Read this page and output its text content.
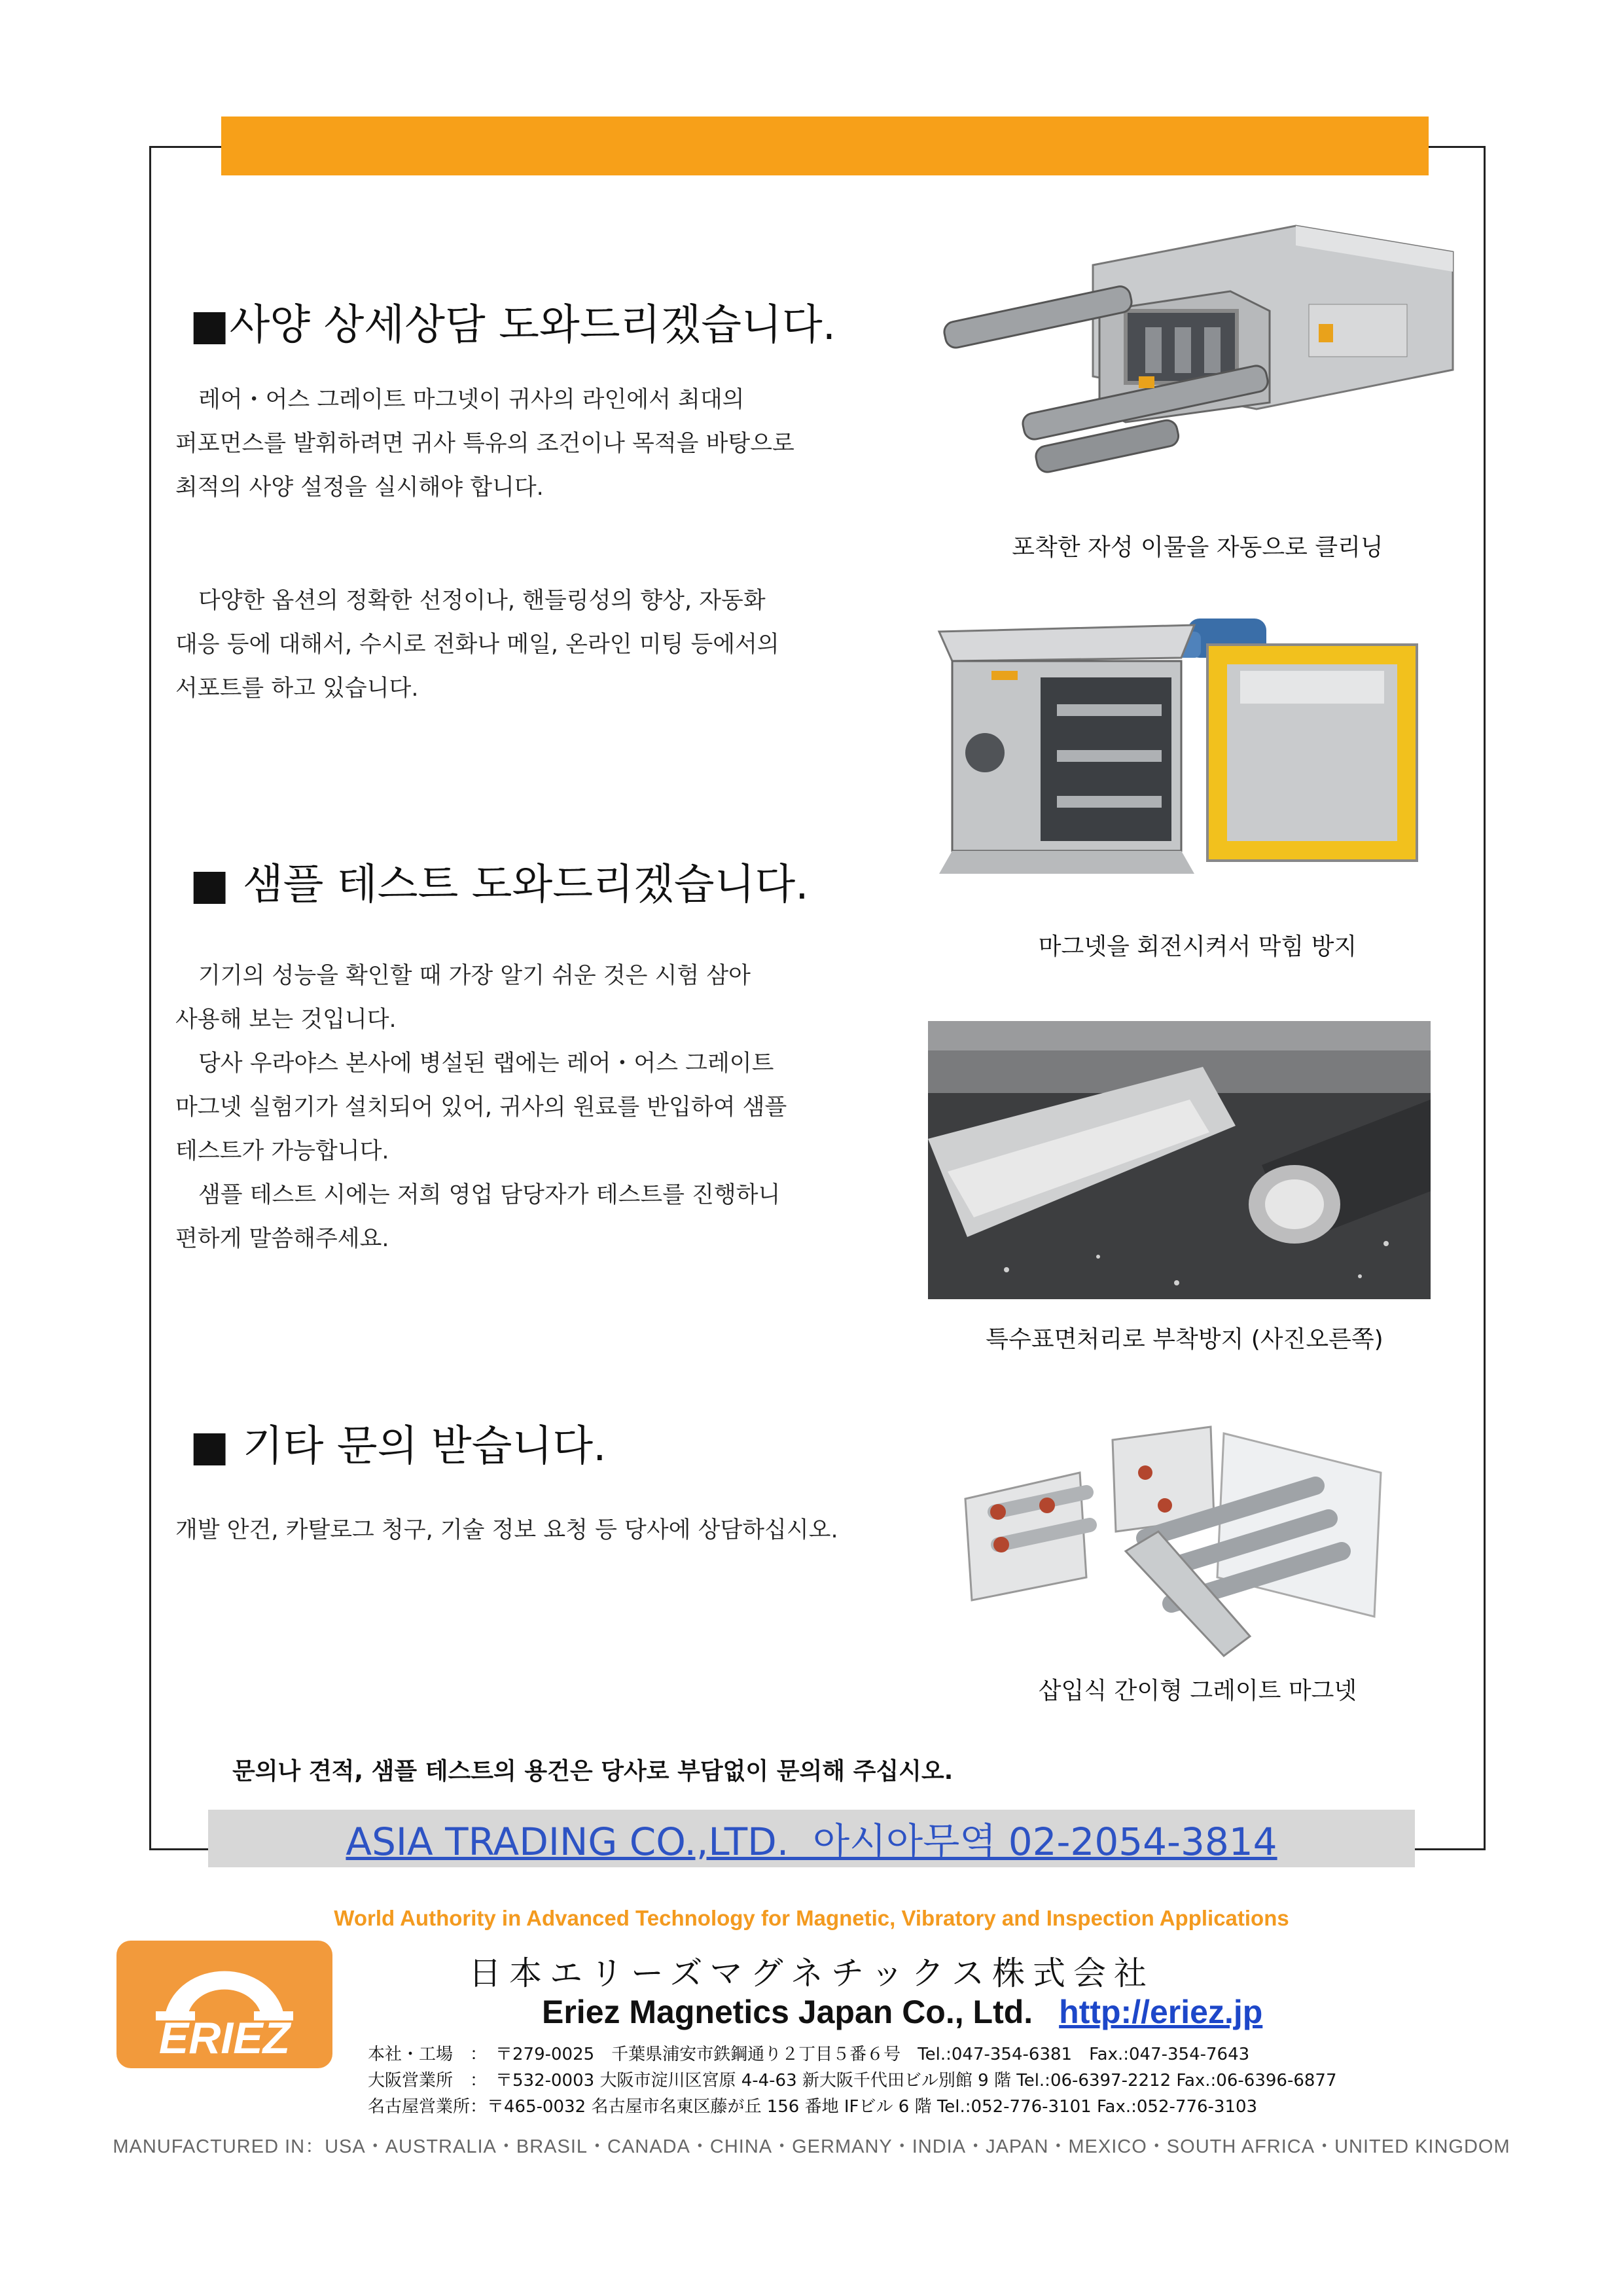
■사양 상세상담 도와드리겠습니다.
　레어・어스 그레이트 마그넷이 귀사의 라인에서 최대의
퍼포먼스를 발휘하려면 귀사 특유의 조건이나 목적을 바탕으로
최적의 사양 설정을 실시해야 합니다.
　다양한 옵션의 정확한 선정이나, 핸들링성의 향상, 자동화
대응 등에 대해서, 수시로 전화나 메일, 온라인 미팅 등에서의
서포트를 하고 있습니다.
■ 샘플 테스트 도와드리겠습니다.
　기기의 성능을 확인할 때 가장 알기 쉬운 것은 시험 삼아
사용해 보는 것입니다.
　당사 우라야스 본사에 병설된 랩에는 레어・어스 그레이트
마그넷 실험기가 설치되어 있어, 귀사의 원료를 반입하여 샘플
테스트가 가능합니다.
　샘플 테스트 시에는 저희 영업 담당자가 테스트를 진행하니
편하게 말씀해주세요.
■ 기타 문의 받습니다.
개발 안건, 카탈로그 청구, 기술 정보 요청 등 당사에 상담하십시오.
포착한 자성 이물을 자동으로 클리닝
마그넷을 회전시켜서 막힘 방지
특수표면처리로 부착방지 (사진오른쪽)
삽입식 간이형 그레이트 마그넷
문의나 견적, 샘플 테스트의 용건은 당사로 부담없이 문의해 주십시오.
ASIA TRADING CO.,LTD.  아시아무역 02-2054-3814
World Authority in Advanced Technology for Magnetic, Vibratory and Inspection Applications
ERIEZ
日本エリーズマグネチックス株式会社
Eriez Magnetics Japan Co., Ltd. http://eriez.jp
本社・工場　：　〒279-0025　千葉県浦安市鉄鋼通り２丁目５番６号　Tel.:047-354-6381　Fax.:047-354-7643
大阪営業所　：　〒532-0003 大阪市淀川区宮原 4-4-63 新大阪千代田ビル別館 9 階 Tel.:06-6397-2212 Fax.:06-6396-6877
名古屋営業所：〒465-0032 名古屋市名東区藤が丘 156 番地 IFビル 6 階 Tel.:052-776-3101 Fax.:052-776-3103
MANUFACTURED IN：USA・AUSTRALIA・BRASIL・CANADA・CHINA・GERMANY・INDIA・JAPAN・MEXICO・SOUTH AFRICA・UNITED KINGDOM
